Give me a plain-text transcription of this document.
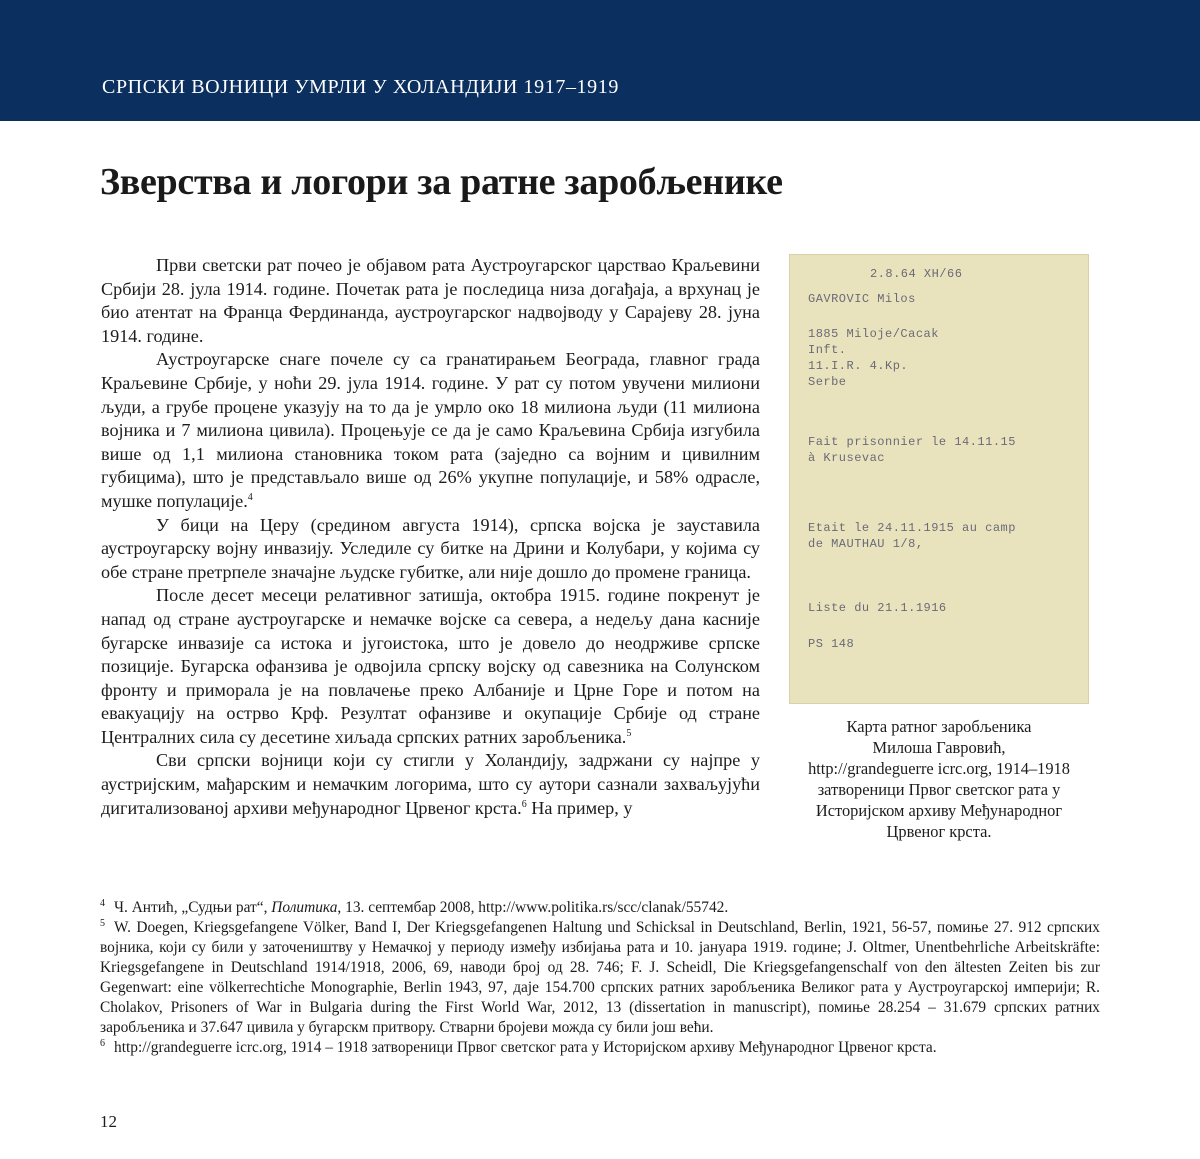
СРПСКИ ВОЈНИЦИ УМРЛИ У ХОЛАНДИЈИ 1917–1919
Зверства и логори за ратне заробљенике

Први светски рат почео је објавом рата Аустроугарског царстваo Краљевини Србији 28. јула 1914. године. Почетак рата је последица низа догађаја, а врхунац је био атентат на Франца Фердинанда, аустроугарског надвојводу у Сарајеву 28. јуна 1914. године.

Аустроугарске снаге почеле су са гранатирањем Београда, главног града Краљевине Србије, у ноћи 29. јула 1914. године. У рат су потом увучени милиони људи, а грубе процене указују на то да је умрло око 18 милиона људи (11 милиона војника и 7 милиона цивила). Процењује се да је само Краљевина Србија изгубила више од 1,1 милиона становника током рата (заједно са војним и цивилним губицима), што је представљало више од 26% укупне популације, и 58% одрасле, мушке популације.$^4$

У бици на Церу (средином августа 1914), српска војска је зауставила аустроугарску војну инвазију. Уследиле су битке на Дрини и Колубари, у којима су обе стране претрпеле значајне људске губитке, али није дошло до промене граница.

После десет месеци релативног затишја, октобра 1915. године покренут је напад од стране аустроугарске и немачке војске са севера, а недељу дана касније бугарске инвазије са истока и југоистока, што је довело до неодрживе српске позиције. Бугарска офанзива је одвојила српску војску од савезника на Солунском фронту и приморала је на повлачење преко Албаније и Црне Горе и потом на евакуацију на острво Крф. Резултат офанзиве и окупације Србије од стране Централних сила су десетине хиљада српских ратних заробљеника.$^5$

Сви српски војници који су стигли у Холандију, задржани су најпре у аустријским, мађарским и немачким логорима, што су аутори сазнали захваљујући дигитализованој архиви међународног Црвеног крста.$^6$ На пример, у

2.8.64 XH/66
GAVROVIC Milos
1885 Miloje/Cacak
Inft.
11.I.R. 4.Kp.
Serbe
Fait prisonnier le 14.11.15
à Krusevac
Etait le 24.11.1915 au camp
de MAUTHAU 1/8,
Liste du 21.1.1916
PS 148
Карта ратног заробљеника
Милоша Гавровић,
http://grandeguerre icrc.org, 1914–1918
затвореници Првог светског рата у
Историјском архиву Међународног
Црвеног крста.

$^4$ Ч. Антић, „Судњи рат“, Политика, 13. септембар 2008, http://www.politika.rs/scc/clanak/55742.

$^5$ W. Doegen, Kriegsgefangene Völker, Band I, Der Kriegsgefangenen Haltung und Schicksal in Deutschland, Berlin, 1921, 56-57, помиње 27. 912 српских војника, који су били у заточеништву у Немачкој у периоду између избијања рата и 10. јануара 1919. године; J. Oltmer, Unentbehrliche Arbeitskräfte: Kriegsgefangene in Deutschland 1914/1918, 2006, 69, наводи број од 28. 746; F. J. Scheidl, Die Kriegsgefangenschalf von den ältesten Zeiten bis zur Gegenwart: eine völkerrechtiche Monographie, Berlin 1943, 97, даје 154.700 српских ратних заробљеника Великог рата у Аустроугарској империји; R. Cholakov, Prisoners of War in Bulgaria during the First World War, 2012, 13 (dissertation in manuscript), помиње 28.254 – 31.679 српских ратних заробљеника и 37.647 цивила у бугарскм притвору. Стварни бројеви можда су били још већи.

$^6$ http://grandeguerre icrc.org, 1914 – 1918 затвореници Првог светског рата у Историјском архиву Међународног Црвеног крста.

12
